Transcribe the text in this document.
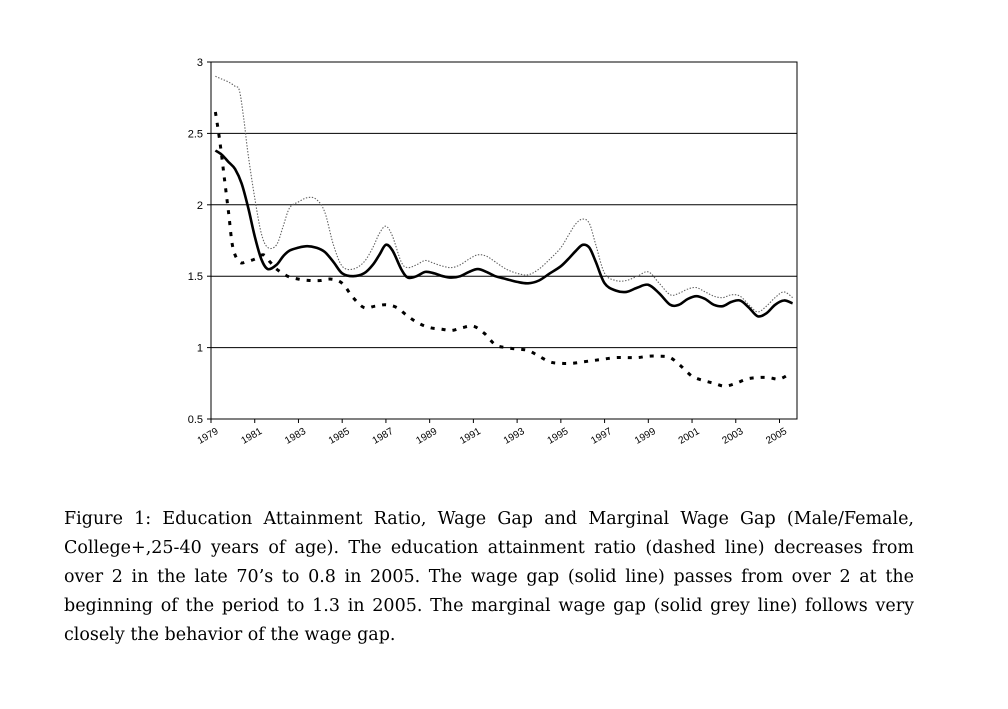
0.5
1
1.5
2
2.5
3
1979 1981 1983 1985 1987 1989 1991 1993 1995 1997 1999 2001 2003 2005

Figure 1: Education Attainment Ratio, Wage Gap and Marginal Wage Gap (Male/Female, College+,25-40 years of age). The education attainment ratio (dashed line) decreases from over 2 in the late 70’s to 0.8 in 2005. The wage gap (solid line) passes from over 2 at the beginning of the period to 1.3 in 2005. The marginal wage gap (solid grey line) follows very closely the behavior of the wage gap.
